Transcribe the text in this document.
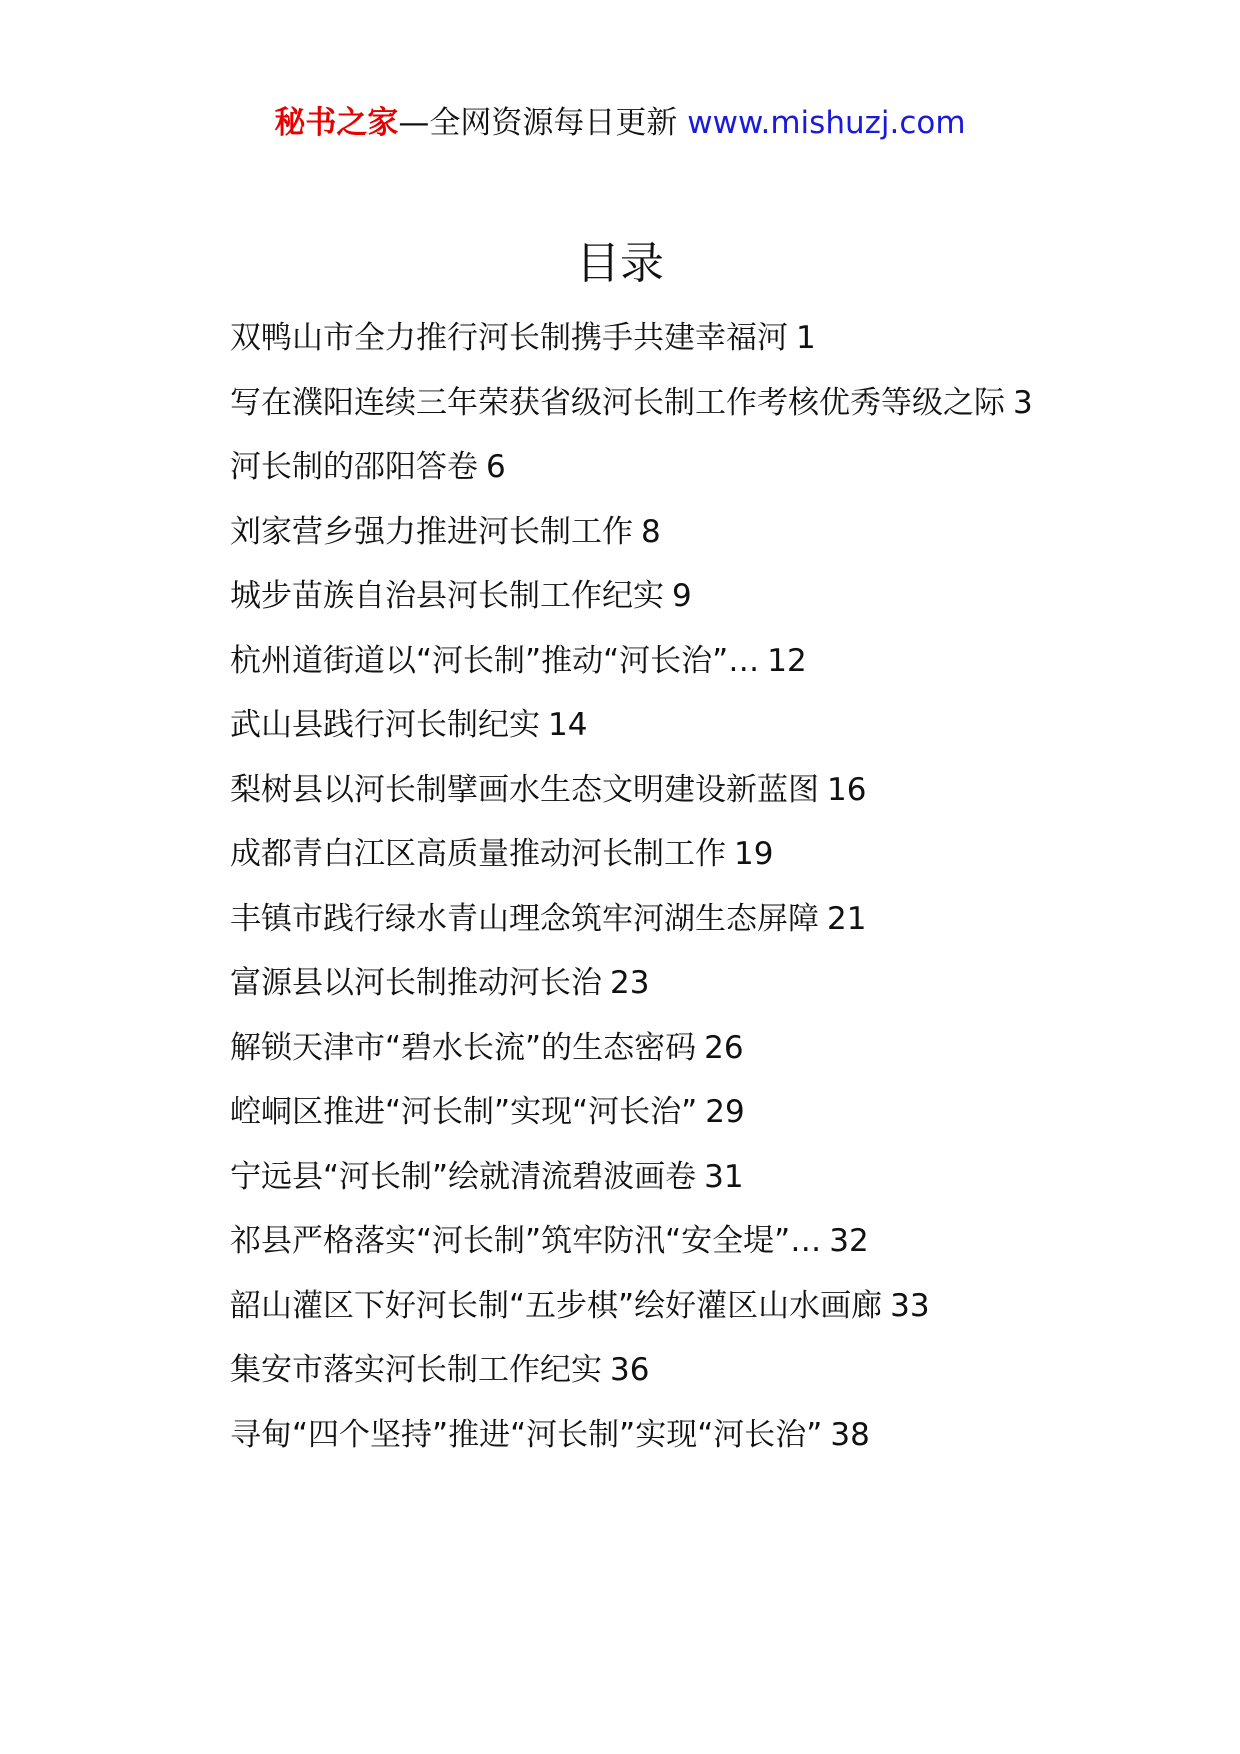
秘书之家—全网资源每日更新 www.mishuzj.com
目录
双鸭山市全力推行河长制携手共建幸福河 1
写在濮阳连续三年荣获省级河长制工作考核优秀等级之际 3
河长制的邵阳答卷 6
刘家营乡强力推进河长制工作 8
城步苗族自治县河长制工作纪实 9
杭州道街道以“河长制”推动“河长治”… 12
武山县践行河长制纪实 14
梨树县以河长制擘画水生态文明建设新蓝图 16
成都青白江区高质量推动河长制工作 19
丰镇市践行绿水青山理念筑牢河湖生态屏障 21
富源县以河长制推动河长治 23
解锁天津市“碧水长流”的生态密码 26
崆峒区推进“河长制”实现“河长治” 29
宁远县“河长制”绘就清流碧波画卷 31
祁县严格落实“河长制”筑牢防汛“安全堤”… 32
韶山灌区下好河长制“五步棋”绘好灌区山水画廊 33
集安市落实河长制工作纪实 36
寻甸“四个坚持”推进“河长制”实现“河长治” 38
